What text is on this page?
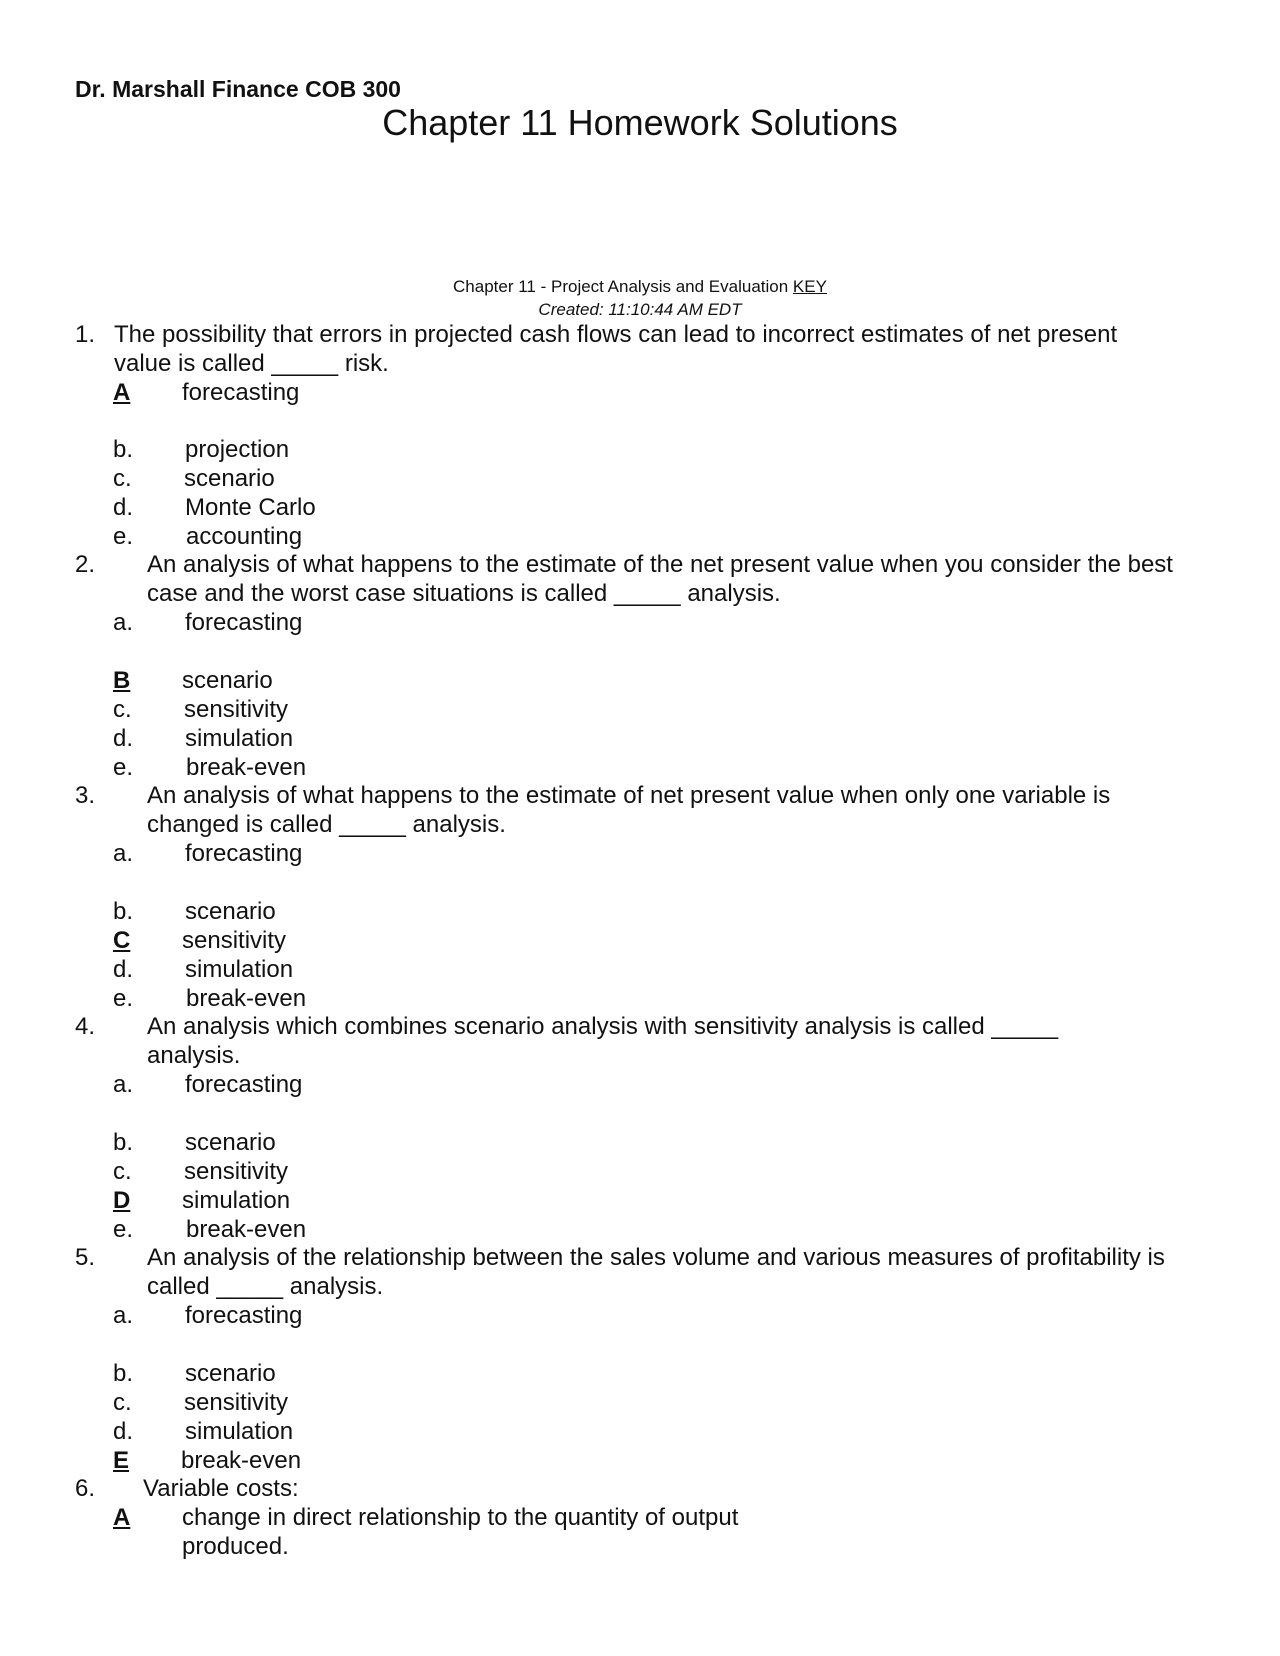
Dr. Marshall Finance COB 300
Chapter 11 Homework Solutions
Chapter 11 - Project Analysis and Evaluation KEY
Created: 11:10:44 AM EDT
1. The possibility that errors in projected cash flows can lead to incorrect estimates of net present value is called _____ risk.
A forecasting
b. projection
c. scenario
d. Monte Carlo
e. accounting
2. An analysis of what happens to the estimate of the net present value when you consider the best case and the worst case situations is called _____ analysis.
a. forecasting
B scenario
c. sensitivity
d. simulation
e. break-even
3. An analysis of what happens to the estimate of net present value when only one variable is changed is called _____ analysis.
a. forecasting
b. scenario
C sensitivity
d. simulation
e. break-even
4. An analysis which combines scenario analysis with sensitivity analysis is called _____ analysis.
a. forecasting
b. scenario
c. sensitivity
D simulation
e. break-even
5. An analysis of the relationship between the sales volume and various measures of profitability is called _____ analysis.
a. forecasting
b. scenario
c. sensitivity
d. simulation
E break-even
6. Variable costs:
A change in direct relationship to the quantity of output produced.
